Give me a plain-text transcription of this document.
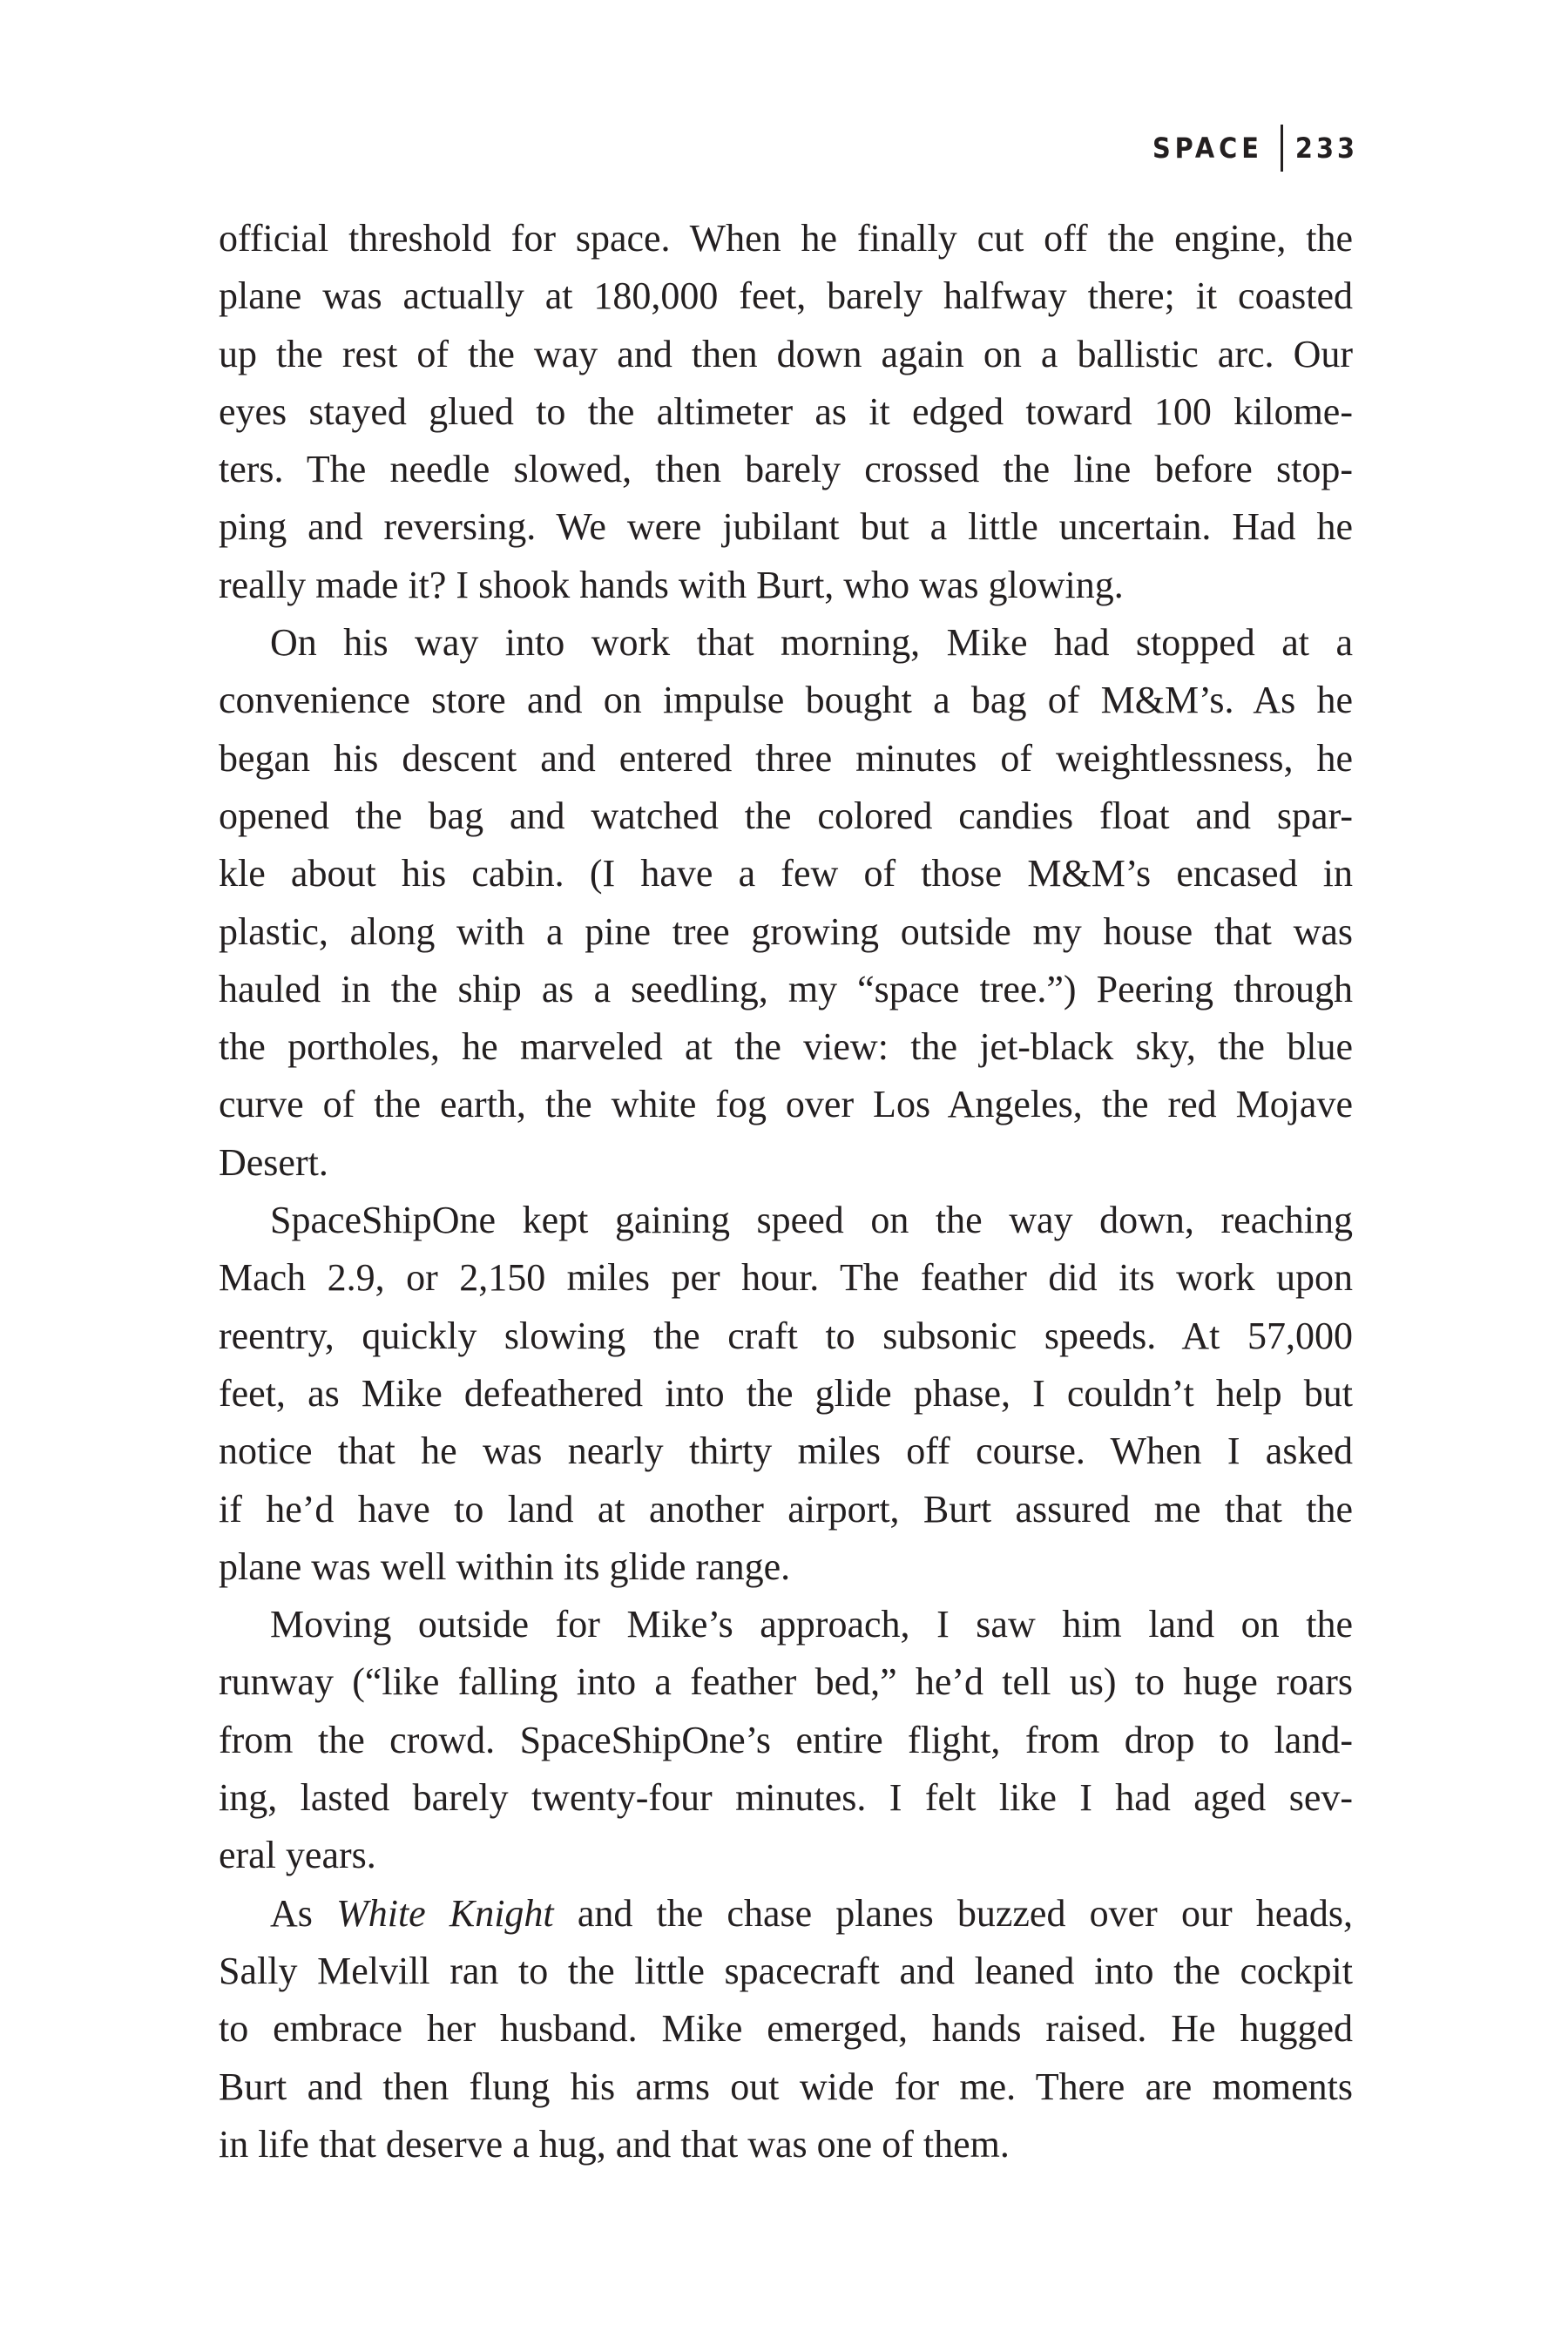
SPACE	233
official threshold for space. When he finally cut off the engine, the
plane was actually at 180,000 feet, barely halfway there; it coasted
up the rest of the way and then down again on a ballistic arc. Our
eyes stayed glued to the altimeter as it edged toward 100 kilome-
ters. The needle slowed, then barely crossed the line before stop-
ping and reversing. We were jubilant but a little uncertain. Had he
really made it? I shook hands with Burt, who was glowing.
On his way into work that morning, Mike had stopped at a
convenience store and on impulse bought a bag of M&M’s. As he
began his descent and entered three minutes of weightlessness, he
opened the bag and watched the colored candies float and spar-
kle about his cabin. (I have a few of those M&M’s encased in
plastic, along with a pine tree growing outside my house that was
hauled in the ship as a seedling, my “space tree.”) Peering through
the portholes, he marveled at the view: the jet-black sky, the blue
curve of the earth, the white fog over Los Angeles, the red Mojave
Desert.
SpaceShipOne kept gaining speed on the way down, reaching
Mach 2.9, or 2,150 miles per hour. The feather did its work upon
reentry, quickly slowing the craft to subsonic speeds. At 57,000
feet, as Mike defeathered into the glide phase, I couldn’t help but
notice that he was nearly thirty miles off course. When I asked
if he’d have to land at another airport, Burt assured me that the
plane was well within its glide range.
Moving outside for Mike’s approach, I saw him land on the
runway (“like falling into a feather bed,” he’d tell us) to huge roars
from the crowd. SpaceShipOne’s entire flight, from drop to land-
ing, lasted barely twenty-four minutes. I felt like I had aged sev-
eral years.
As White Knight and the chase planes buzzed over our heads,
Sally Melvill ran to the little spacecraft and leaned into the cockpit
to embrace her husband. Mike emerged, hands raised. He hugged
Burt and then flung his arms out wide for me. There are moments
in life that deserve a hug, and that was one of them.
